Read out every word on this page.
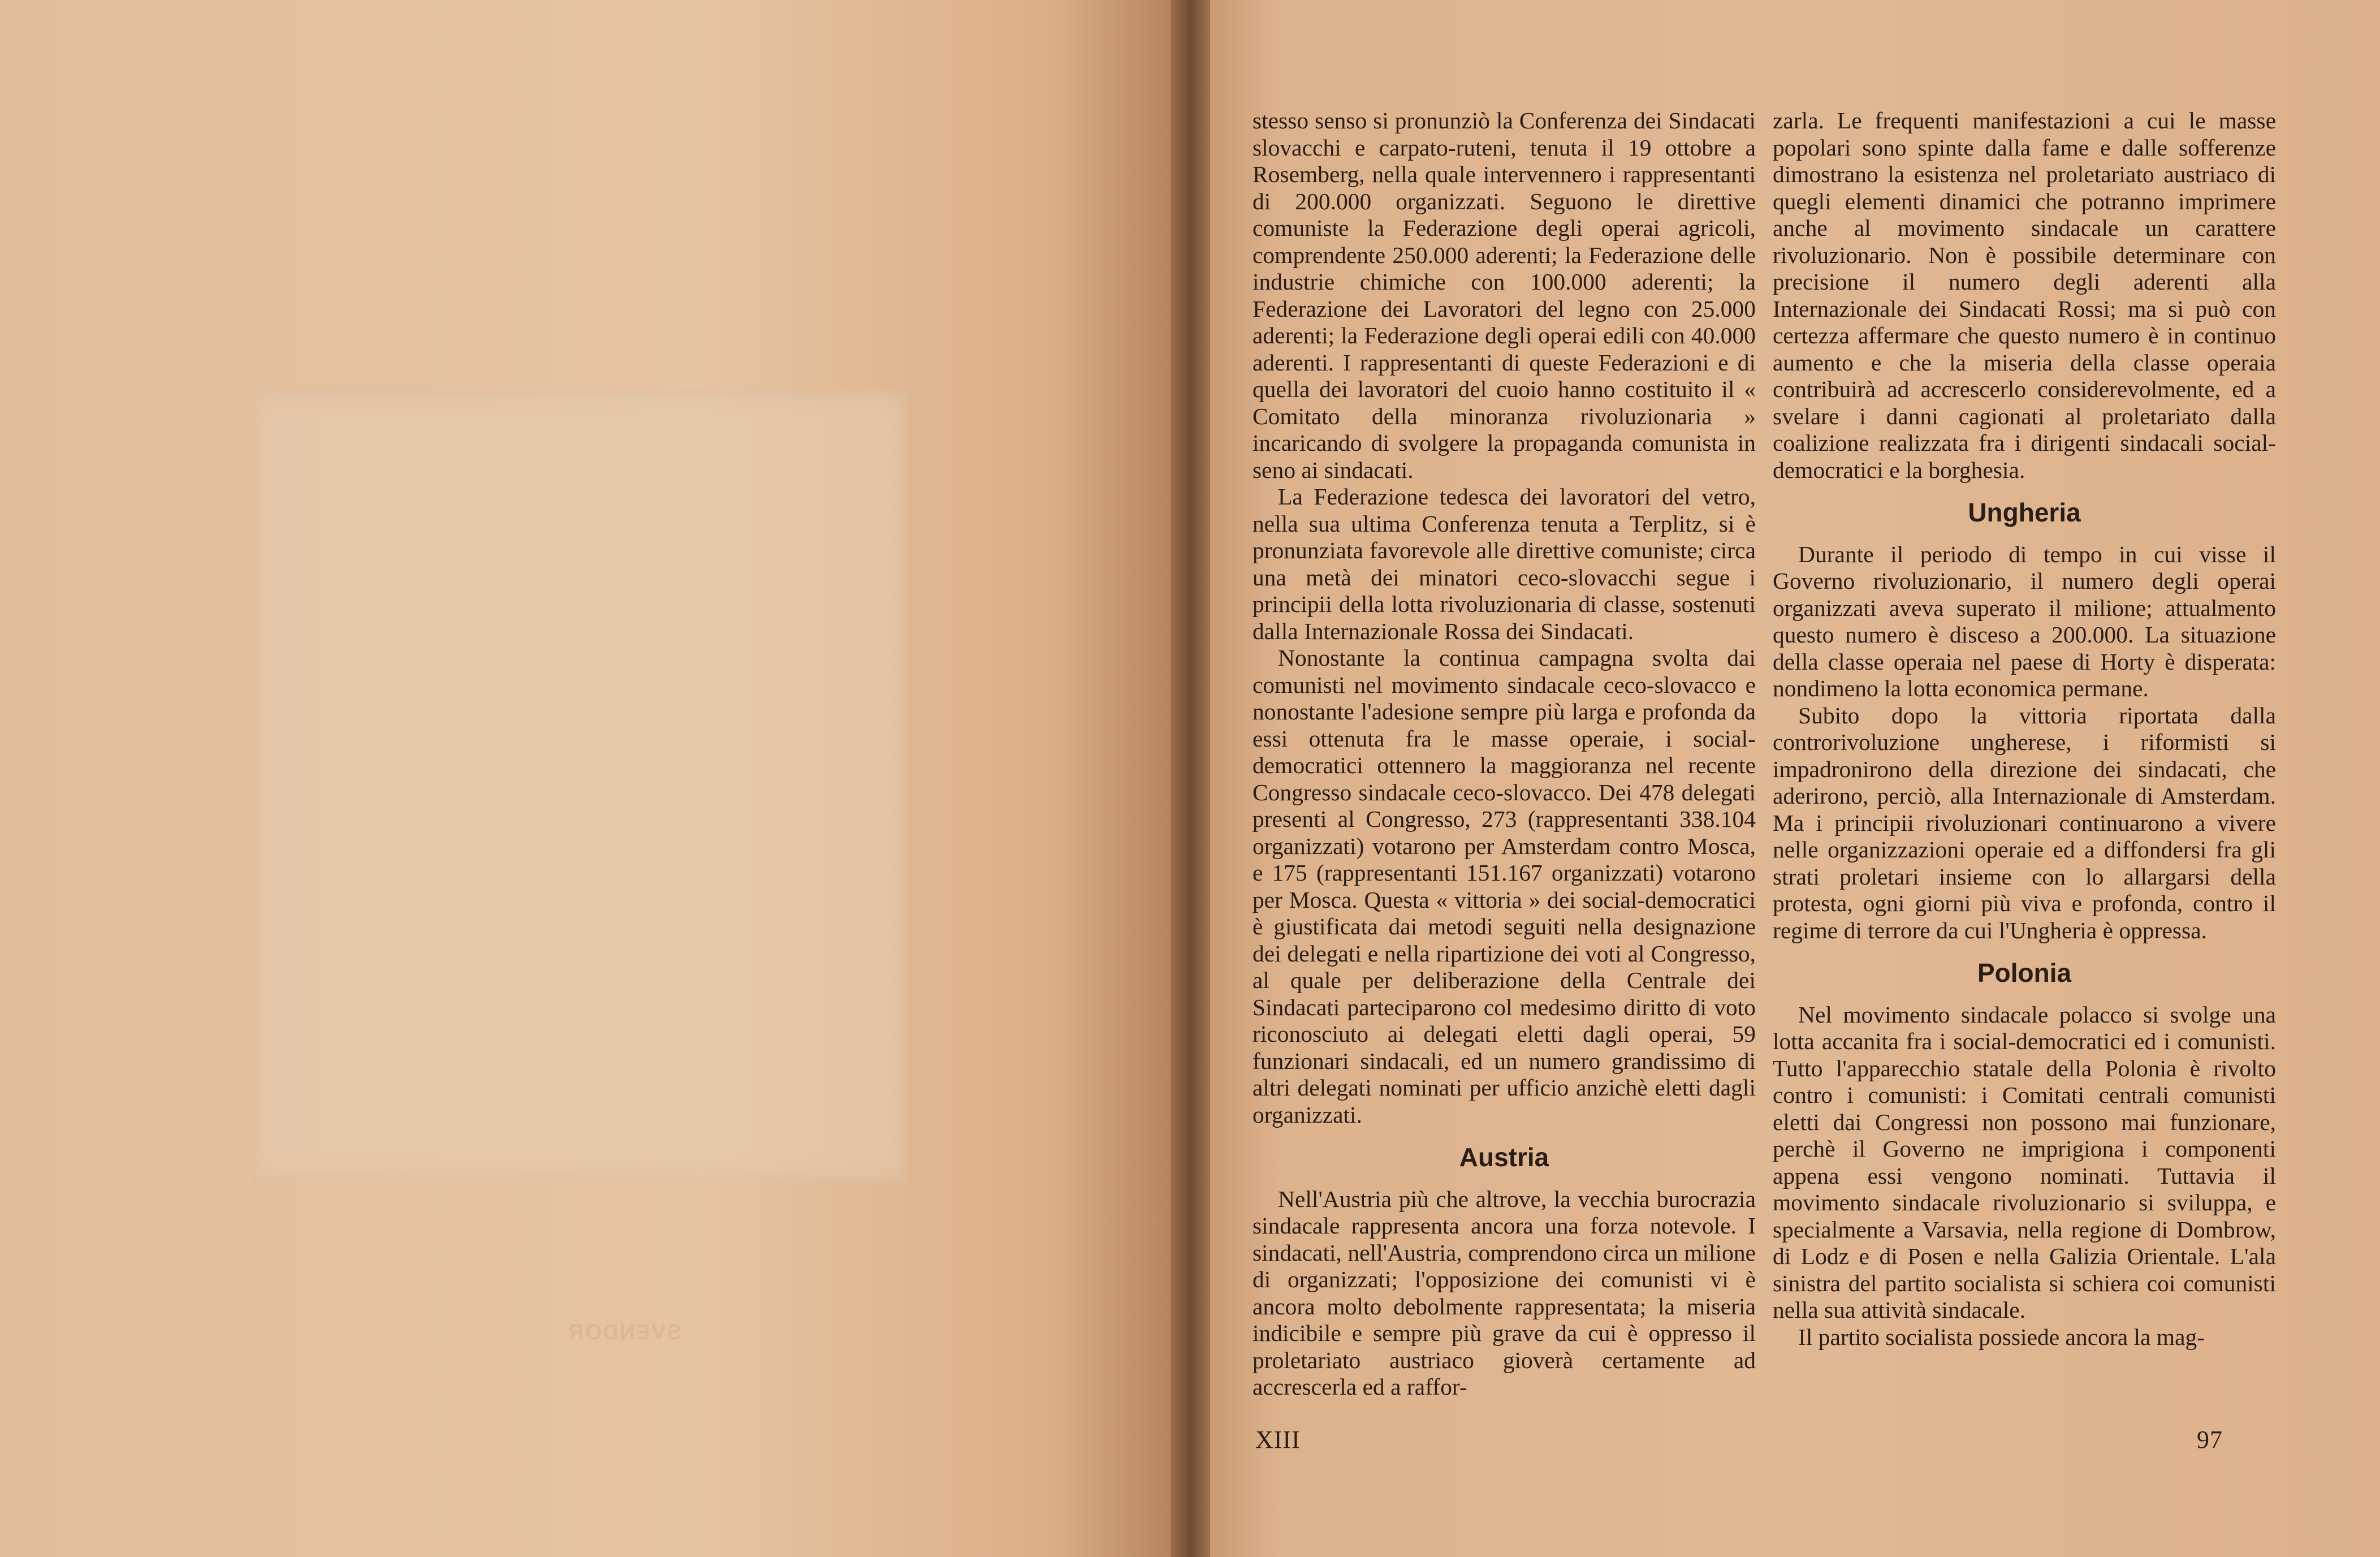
SVENDOR

stesso senso si pronunziò la Conferenza dei Sindacati slovacchi e carpato-ruteni, tenuta il 19 ottobre a Rosemberg, nella quale intervennero i rappresentanti di 200.000 organizzati. Seguono le direttive comuniste la Federazione degli operai agricoli, comprendente 250.000 aderenti; la Federazione delle industrie chimiche con 100.000 aderenti; la Federazione dei Lavoratori del legno con 25.000 aderenti; la Federazione degli operai edili con 40.000 aderenti. I rappresentanti di queste Federazioni e di quella dei lavoratori del cuoio hanno costituito il « Comitato della minoranza rivoluzionaria » incaricando di svolgere la propaganda comunista in seno ai sindacati.

La Federazione tedesca dei lavoratori del vetro, nella sua ultima Conferenza tenuta a Terplitz, si è pronunziata favorevole alle direttive comuniste; circa una metà dei minatori ceco-slovacchi segue i principii della lotta rivoluzionaria di classe, sostenuti dalla Internazionale Rossa dei Sindacati.

Nonostante la continua campagna svolta dai comunisti nel movimento sindacale ceco-slovacco e nonostante l'adesione sempre più larga e profonda da essi ottenuta fra le masse operaie, i social-democratici ottennero la maggioranza nel recente Congresso sindacale ceco-slovacco. Dei 478 delegati presenti al Congresso, 273 (rappresentanti 338.104 organizzati) votarono per Amsterdam contro Mosca, e 175 (rappresentanti 151.167 organizzati) votarono per Mosca. Questa « vittoria » dei social-democratici è giustificata dai metodi seguiti nella designazione dei delegati e nella ripartizione dei voti al Congresso, al quale per deliberazione della Centrale dei Sindacati parteciparono col medesimo diritto di voto riconosciuto ai delegati eletti dagli operai, 59 funzionari sindacali, ed un numero grandissimo di altri delegati nominati per ufficio anzichè eletti dagli organizzati.

Austria

Nell'Austria più che altrove, la vecchia burocrazia sindacale rappresenta ancora una forza notevole. I sindacati, nell'Austria, comprendono circa un milione di organizzati; l'opposizione dei comunisti vi è ancora molto debolmente rappresentata; la miseria indicibile e sempre più grave da cui è oppresso il proletariato austriaco gioverà certamente ad accrescerla ed a raffor-

zarla. Le frequenti manifestazioni a cui le masse popolari sono spinte dalla fame e dalle sofferenze dimostrano la esistenza nel proletariato austriaco di quegli elementi dinamici che potranno imprimere anche al movimento sindacale un carattere rivoluzionario. Non è possibile determinare con precisione il numero degli aderenti alla Internazionale dei Sindacati Rossi; ma si può con certezza affermare che questo numero è in continuo aumento e che la miseria della classe operaia contribuirà ad accrescerlo considerevolmente, ed a svelare i danni cagionati al proletariato dalla coalizione realizzata fra i dirigenti sindacali social-democratici e la borghesia.

Ungheria

Durante il periodo di tempo in cui visse il Governo rivoluzionario, il numero degli operai organizzati aveva superato il milione; attualmento questo numero è disceso a 200.000. La situazione della classe operaia nel paese di Horty è disperata: nondimeno la lotta economica permane.

Subito dopo la vittoria riportata dalla controrivoluzione ungherese, i riformisti si impadronirono della direzione dei sindacati, che aderirono, perciò, alla Internazionale di Amsterdam. Ma i principii rivoluzionari continuarono a vivere nelle organizzazioni operaie ed a diffondersi fra gli strati proletari insieme con lo allargarsi della protesta, ogni giorni più viva e profonda, contro il regime di terrore da cui l'Ungheria è oppressa.

Polonia

Nel movimento sindacale polacco si svolge una lotta accanita fra i social-democratici ed i comunisti. Tutto l'apparecchio statale della Polonia è rivolto contro i comunisti: i Comitati centrali comunisti eletti dai Congressi non possono mai funzionare, perchè il Governo ne imprigiona i componenti appena essi vengono nominati. Tuttavia il movimento sindacale rivoluzionario si sviluppa, e specialmente a Varsavia, nella regione di Dombrow, di Lodz e di Posen e nella Galizia Orientale. L'ala sinistra del partito socialista si schiera coi comunisti nella sua attività sindacale.

Il partito socialista possiede ancora la mag-

XIII	97
